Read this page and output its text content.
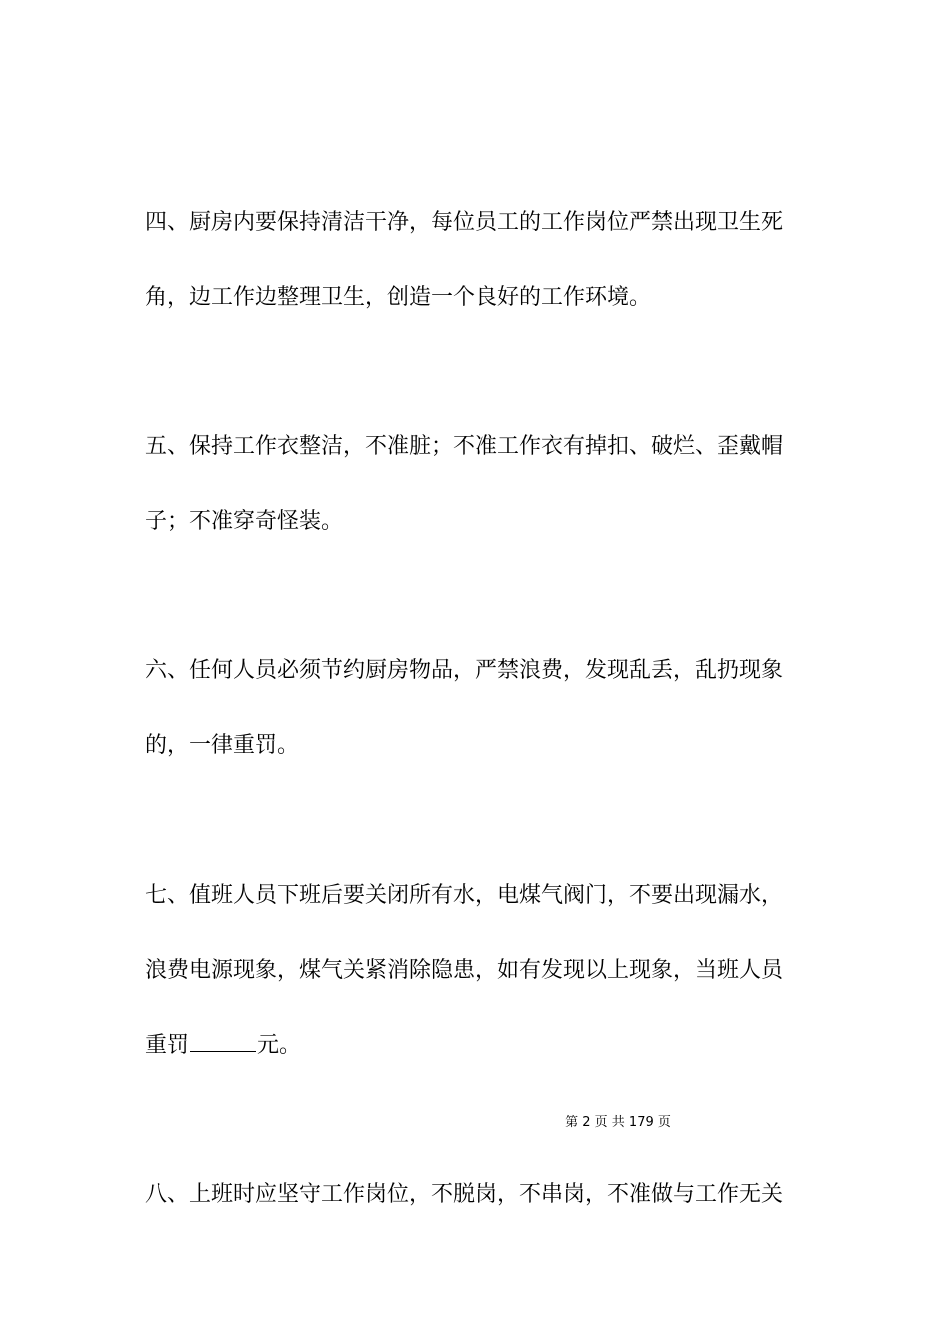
四、厨房内要保持清洁干净，每位员工的工作岗位严禁出现卫生死

角，边工作边整理卫生，创造一个良好的工作环境。

五、保持工作衣整洁，不准脏；不准工作衣有掉扣、破烂、歪戴帽

子；不准穿奇怪装。

六、任何人员必须节约厨房物品，严禁浪费，发现乱丢，乱扔现象

的，一律重罚。

七、值班人员下班后要关闭所有水，电煤气阀门，不要出现漏水，

浪费电源现象，煤气关紧消除隐患，如有发现以上现象，当班人员

重罚	元。

第 2 页 共 179 页

八、上班时应坚守工作岗位，不脱岗，不串岗，不准做与工作无关
